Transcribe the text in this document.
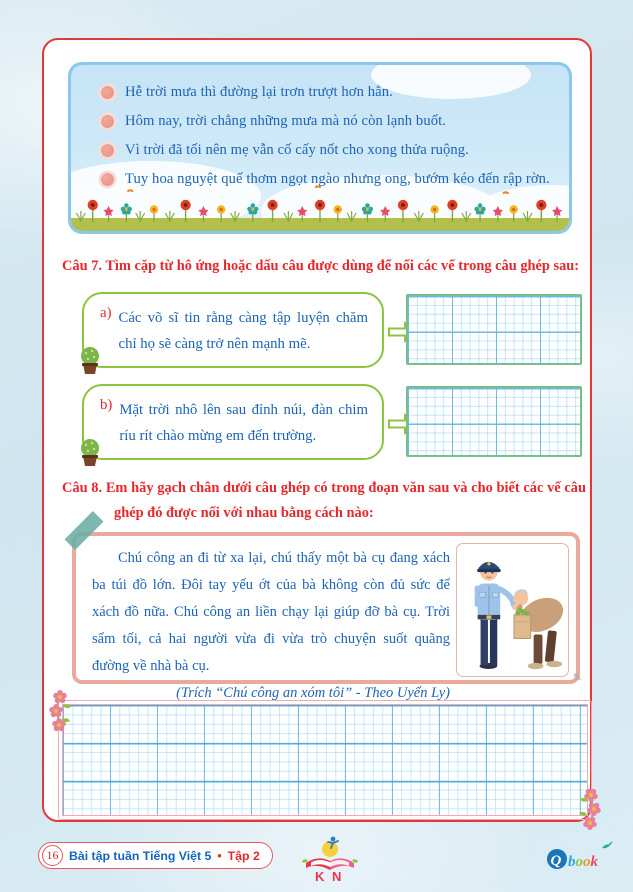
Hễ trời mưa thì đường lại trơn trượt hơn hẳn.
Hôm nay, trời chẳng những mưa mà nó còn lạnh buốt.
Vì trời đã tối nên mẹ vẫn cố cấy nốt cho xong thửa ruộng.
Tuy hoa nguyệt quế thơm ngọt ngào nhưng ong, bướm kéo đến rập rờn.
Câu 7. Tìm cặp từ hô ứng hoặc dấu câu được dùng để nối các vế trong câu ghép sau:
a) Các võ sĩ tin rằng càng tập luyện chăm chỉ họ sẽ càng trở nên mạnh mẽ.
b) Mặt trời nhô lên sau đỉnh núi, đàn chim ríu rít chào mừng em đến trường.
Câu 8. Em hãy gạch chân dưới câu ghép có trong đoạn văn sau và cho biết các vế câu ghép đó được nối với nhau bằng cách nào:
Chú công an đi từ xa lại, chú thấy một bà cụ đang xách ba túi đồ lớn. Đôi tay yếu ớt của bà không còn đủ sức để xách đồ nữa. Chú công an liền chạy lại giúp đỡ bà cụ. Trời sẩm tối, cả hai người vừa đi vừa trò chuyện suốt quãng đường về nhà bà cụ.
(Trích “Chú công an xóm tôi” - Theo Uyển Ly)
✎
16 Bài tập tuần Tiếng Việt 5 • Tập 2
K N
Q book
